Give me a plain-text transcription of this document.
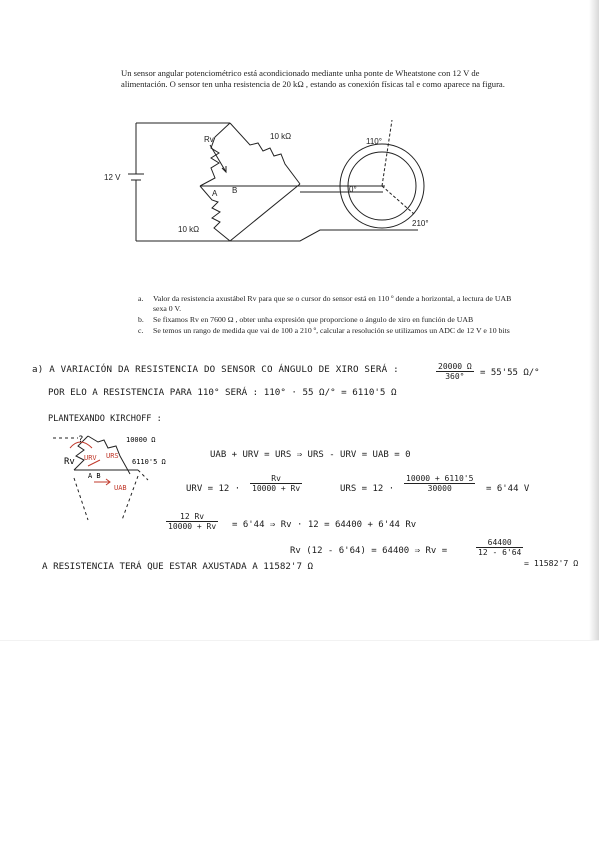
Un sensor angular potenciométrico está acondicionado mediante unha ponte de Wheatstone con 12 V de alimentación. O sensor ten unha resistencia de 20 kΩ , estando as conexión físicas tal e como aparece na figura.

12 V
Rv	10 kΩ
10 kΩ
A B
110°
0°
210°
a.	Valor da resistencia axustábel Rv para que se o cursor do sensor está en 110 º dende a horizontal, a lectura de UAB sexa 0 V.
b.	Se fixamos Rv en 7600 Ω , obter unha expresión que proporcione o ángulo de xiro en función de UAB
c.	Se temos un rango de medida que vai de 100 a 210 º, calcular a resolución se utilizamos un ADC de 12 V e 10 bits
a) A VARIACIÓN DA RESISTENCIA DO SENSOR CO ÁNGULO DE XIRO SERÁ :	$\frac{20000 \Omega}{360^\circ} = 55'55$ Ω/°
POR ELO A RESISTENCIA PARA 110° SERÁ : 110° · 55 Ω/° = 6110'5 Ω
PLANTEXANDO KIRCHOFF :
Rv
?
URV URS
10000 Ω
6110'5 Ω
A B
UAB
UAB + URV = URS ⇒ URS - URV = UAB = 0
URV = $12 \cdot \frac{Rv}{10000 + Rv}$	URS = $12 \cdot \frac{10000 + 6110'5}{30000} = 6'44$ V
$\frac{12 Rv}{10000 + Rv} = 6'44$ ⇒ Rv · 12 = 64400 + 6'44 Rv
Rv (12 - 6'64) = 64400 ⇒ Rv =	$\frac{64400}{12 - 6'64}$
= 11582'7 Ω
A RESISTENCIA TERÁ QUE ESTAR AXUSTADA A 11582'7 Ω
